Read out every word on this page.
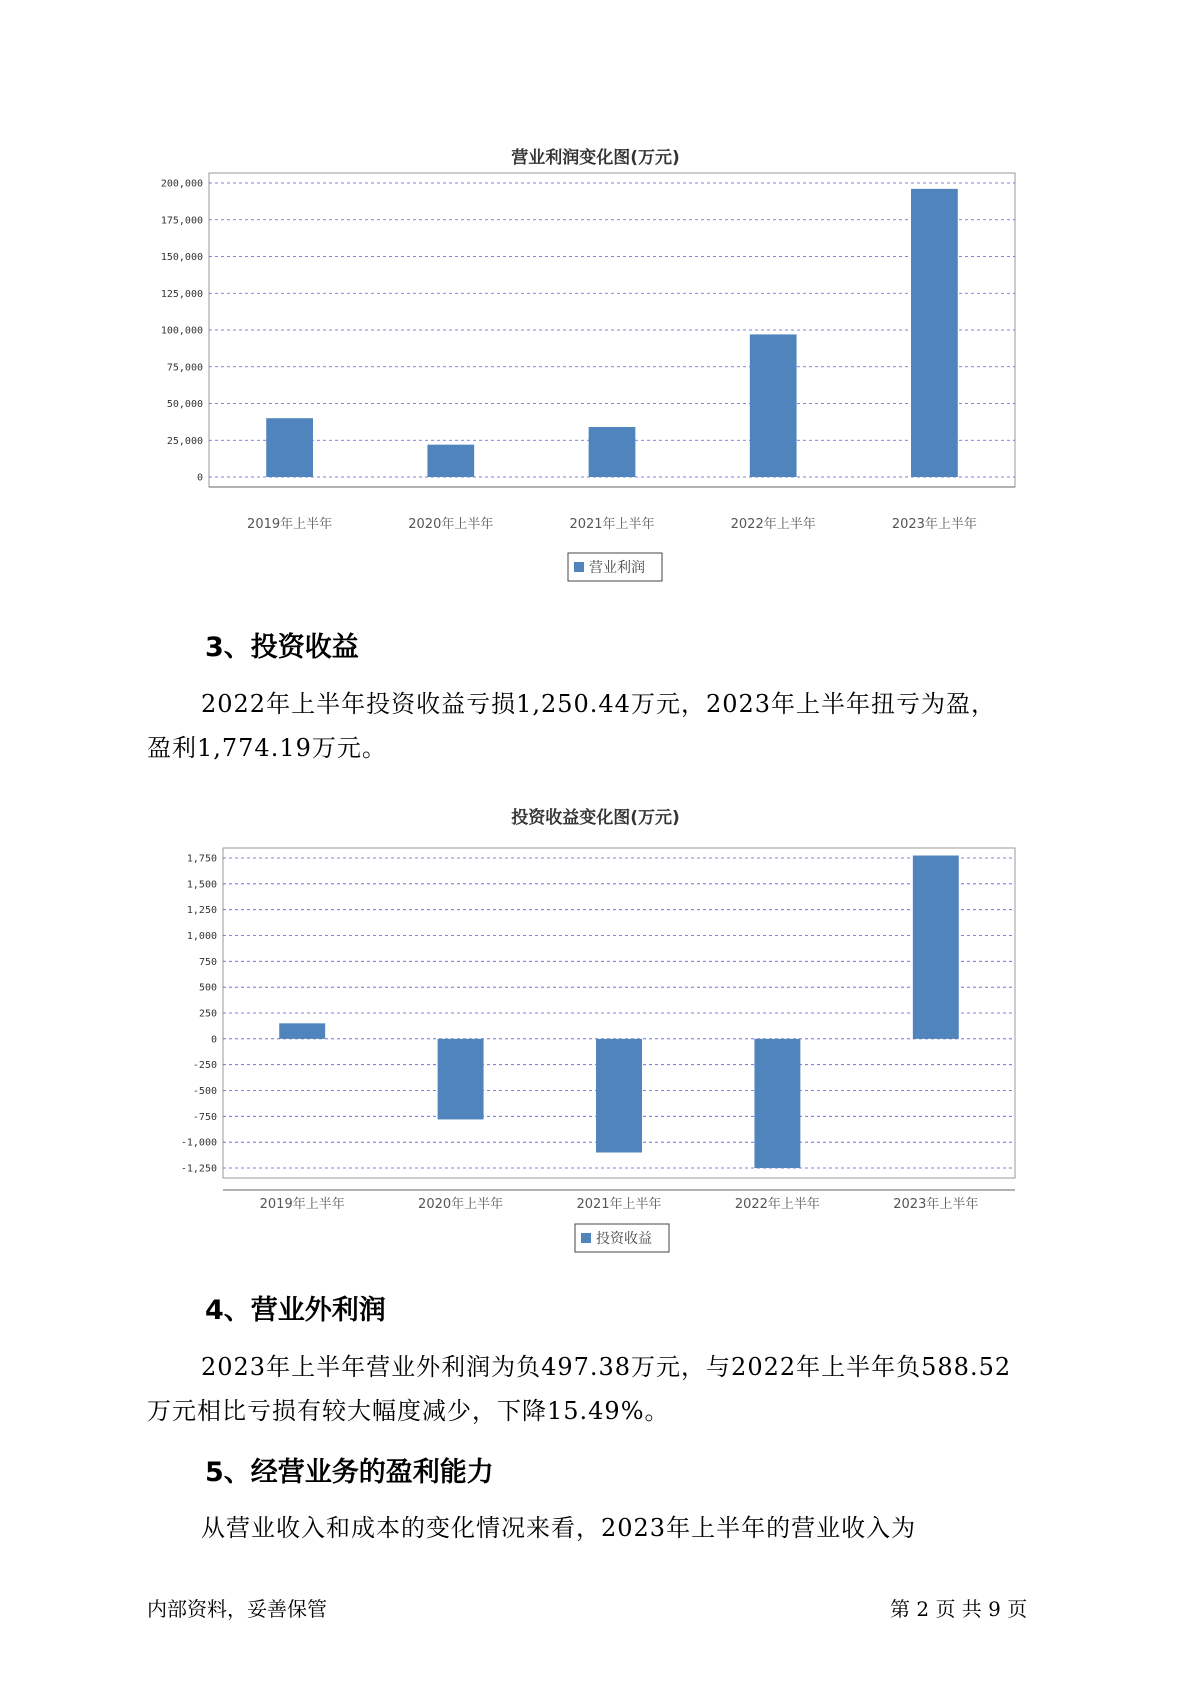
营业利润变化图(万元)
0
25,000
50,000
75,000
100,000
125,000
150,000
175,000
200,000
2019年上半年	2020年上半年	2021年上半年	2022年上半年	2023年上半年
营业利润
3、投资收益
2022年上半年投资收益亏损1,250.44万元，2023年上半年扭亏为盈，
盈利1,774.19万元。
投资收益变化图(万元)
-1,250
-1,000
-750
-500
-250
0
250
500
750
1,000
1,250
1,500
1,750
2019年上半年	2020年上半年	2021年上半年	2022年上半年	2023年上半年
投资收益
4、营业外利润
2023年上半年营业外利润为负497.38万元，与2022年上半年负588.52
万元相比亏损有较大幅度减少，下降15.49%。
5、经营业务的盈利能力
从营业收入和成本的变化情况来看，2023年上半年的营业收入为
内部资料，妥善保管	第 2 页 共 9 页
